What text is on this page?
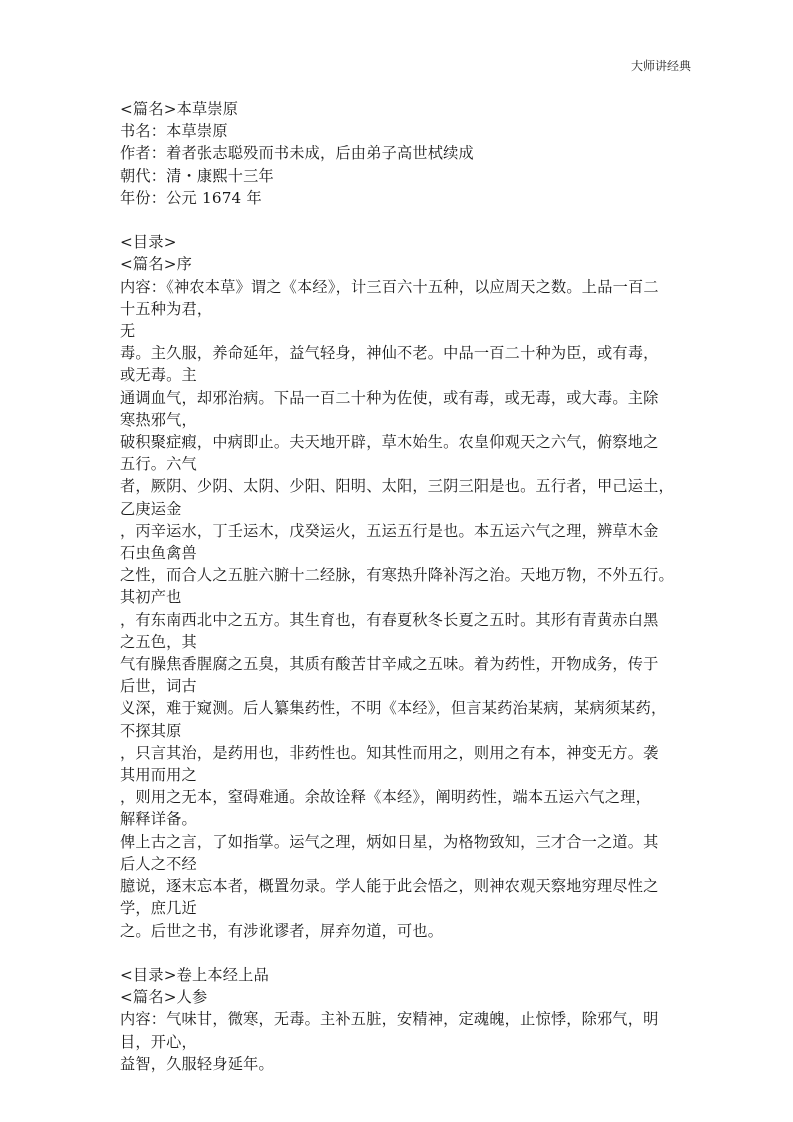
大师讲经典
<篇名>本草崇原
书名：本草崇原
作者：着者张志聪殁而书未成，后由弟子高世栻续成
朝代：清・康熙十三年
年份：公元 1674 年
<目录>
<篇名>序
内容：《神农本草》谓之《本经》，计三百六十五种，以应周天之数。上品一百二
十五种为君，
无
毒。主久服，养命延年，益气轻身，神仙不老。中品一百二十种为臣，或有毒，
或无毒。主
通调血气，却邪治病。下品一百二十种为佐使，或有毒，或无毒，或大毒。主除
寒热邪气，
破积聚症瘕，中病即止。夫天地开辟，草木始生。农皇仰观天之六气，俯察地之
五行。六气
者，厥阴、少阴、太阴、少阳、阳明、太阳，三阴三阳是也。五行者，甲己运土，
乙庚运金
，丙辛运水，丁壬运木，戊癸运火，五运五行是也。本五运六气之理，辨草木金
石虫鱼禽兽
之性，而合人之五脏六腑十二经脉，有寒热升降补泻之治。天地万物，不外五行。
其初产也
，有东南西北中之五方。其生育也，有春夏秋冬长夏之五时。其形有青黄赤白黑
之五色，其
气有臊焦香腥腐之五臭，其质有酸苦甘辛咸之五味。着为药性，开物成务，传于
后世，词古
义深，难于窥测。后人纂集药性，不明《本经》，但言某药治某病，某病须某药，
不探其原
，只言其治，是药用也，非药性也。知其性而用之，则用之有本，神变无方。袭
其用而用之
，则用之无本，窒碍难通。余故诠释《本经》，阐明药性，端本五运六气之理，
解释详备。
俾上古之言，了如指掌。运气之理，炳如日星，为格物致知，三才合一之道。其
后人之不经
臆说，逐末忘本者，概置勿录。学人能于此会悟之，则神农观天察地穷理尽性之
学，庶几近
之。后世之书，有涉讹谬者，屏弃勿道，可也。
<目录>卷上本经上品
<篇名>人参
内容：气味甘，微寒，无毒。主补五脏，安精神，定魂魄，止惊悸，除邪气，明
目，开心，
益智，久服轻身延年。
